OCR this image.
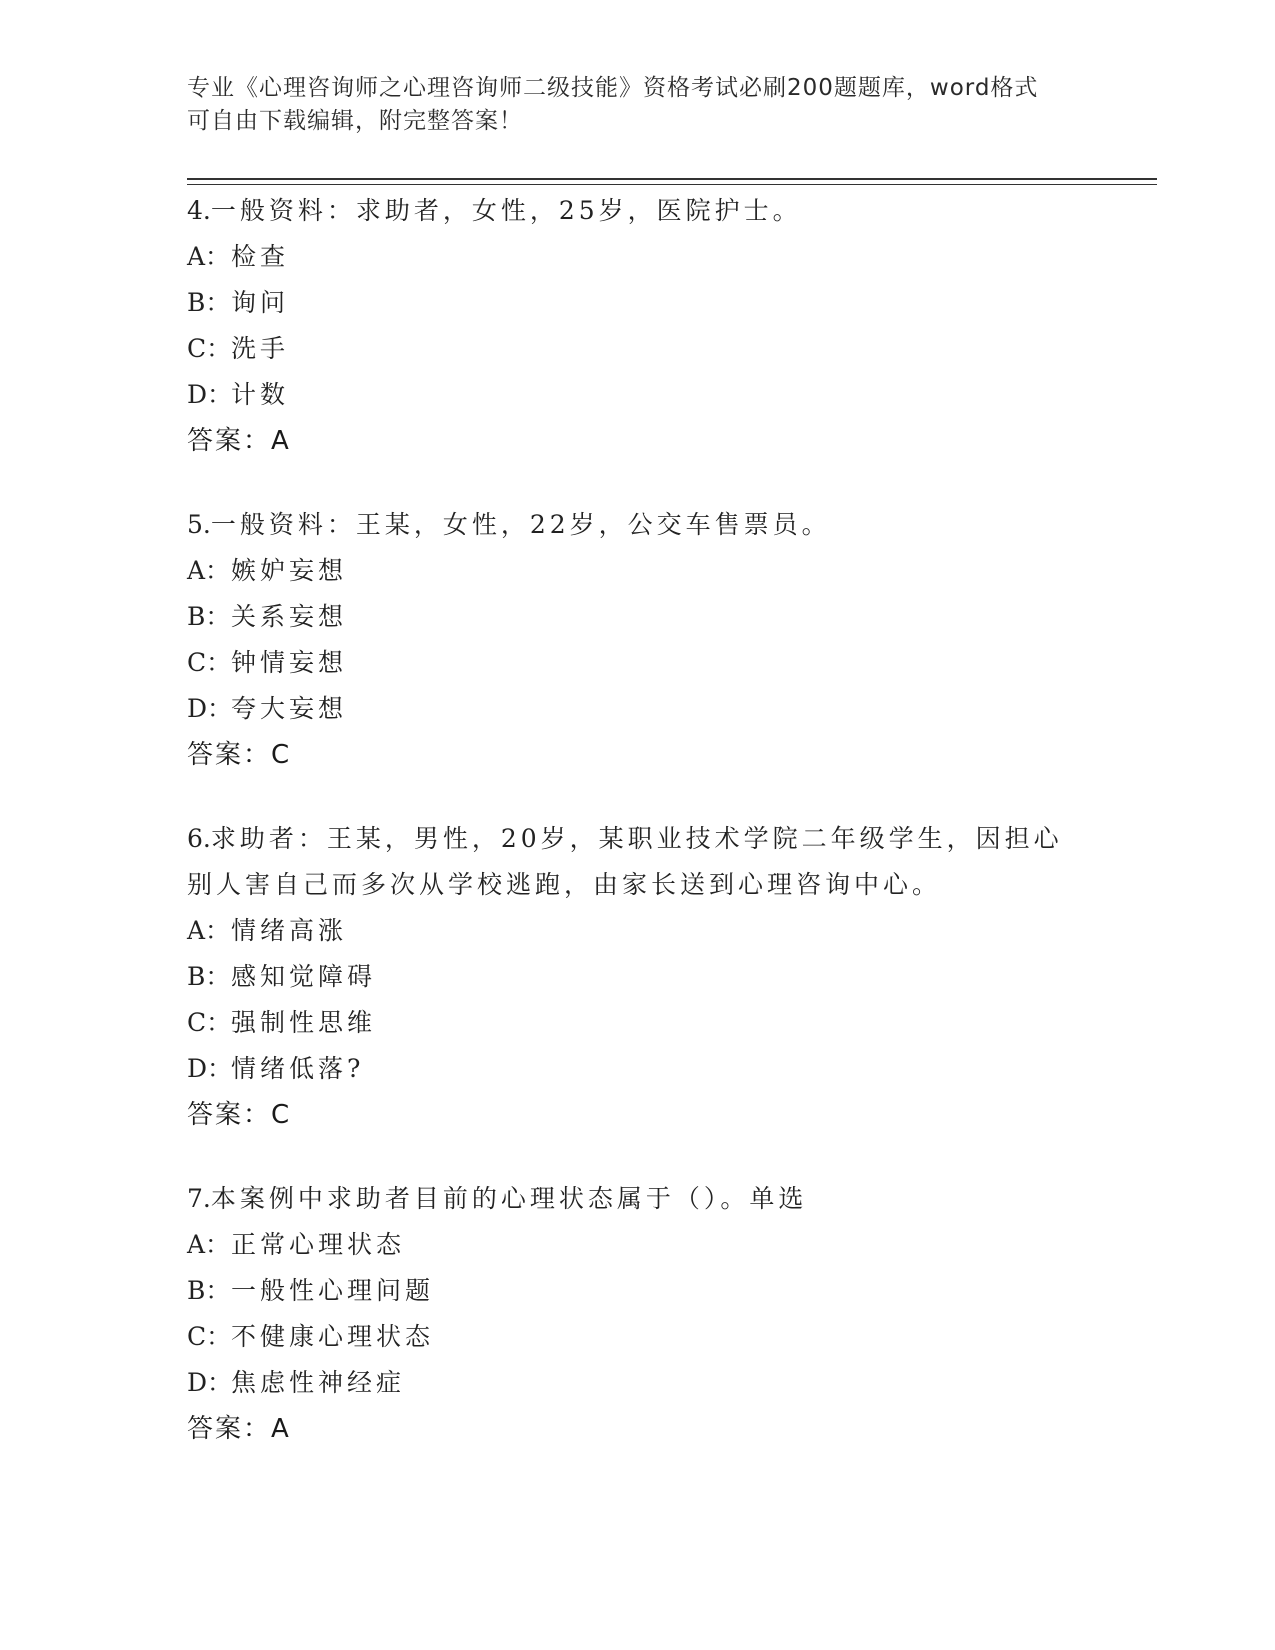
专业《心理咨询师之心理咨询师二级技能》资格考试必刷200题题库，word格式
可自由下载编辑，附完整答案！

4.一般资料：求助者，女性，25岁，医院护士。

A：检查
B：询问
C：洗手
D：计数
答案：A

5.一般资料：王某，女性，22岁，公交车售票员。

A：嫉妒妄想
B：关系妄想
C：钟情妄想
D：夸大妄想
答案：C

6.求助者：王某，男性，20岁，某职业技术学院二年级学生，因担心别人害自己而多次从学校逃跑，由家长送到心理咨询中心。

A：情绪高涨
B：感知觉障碍
C：强制性思维
D：情绪低落?
答案：C

7.本案例中求助者目前的心理状态属于（）。单选

A：正常心理状态
B：一般性心理问题
C：不健康心理状态
D：焦虑性神经症
答案：A
